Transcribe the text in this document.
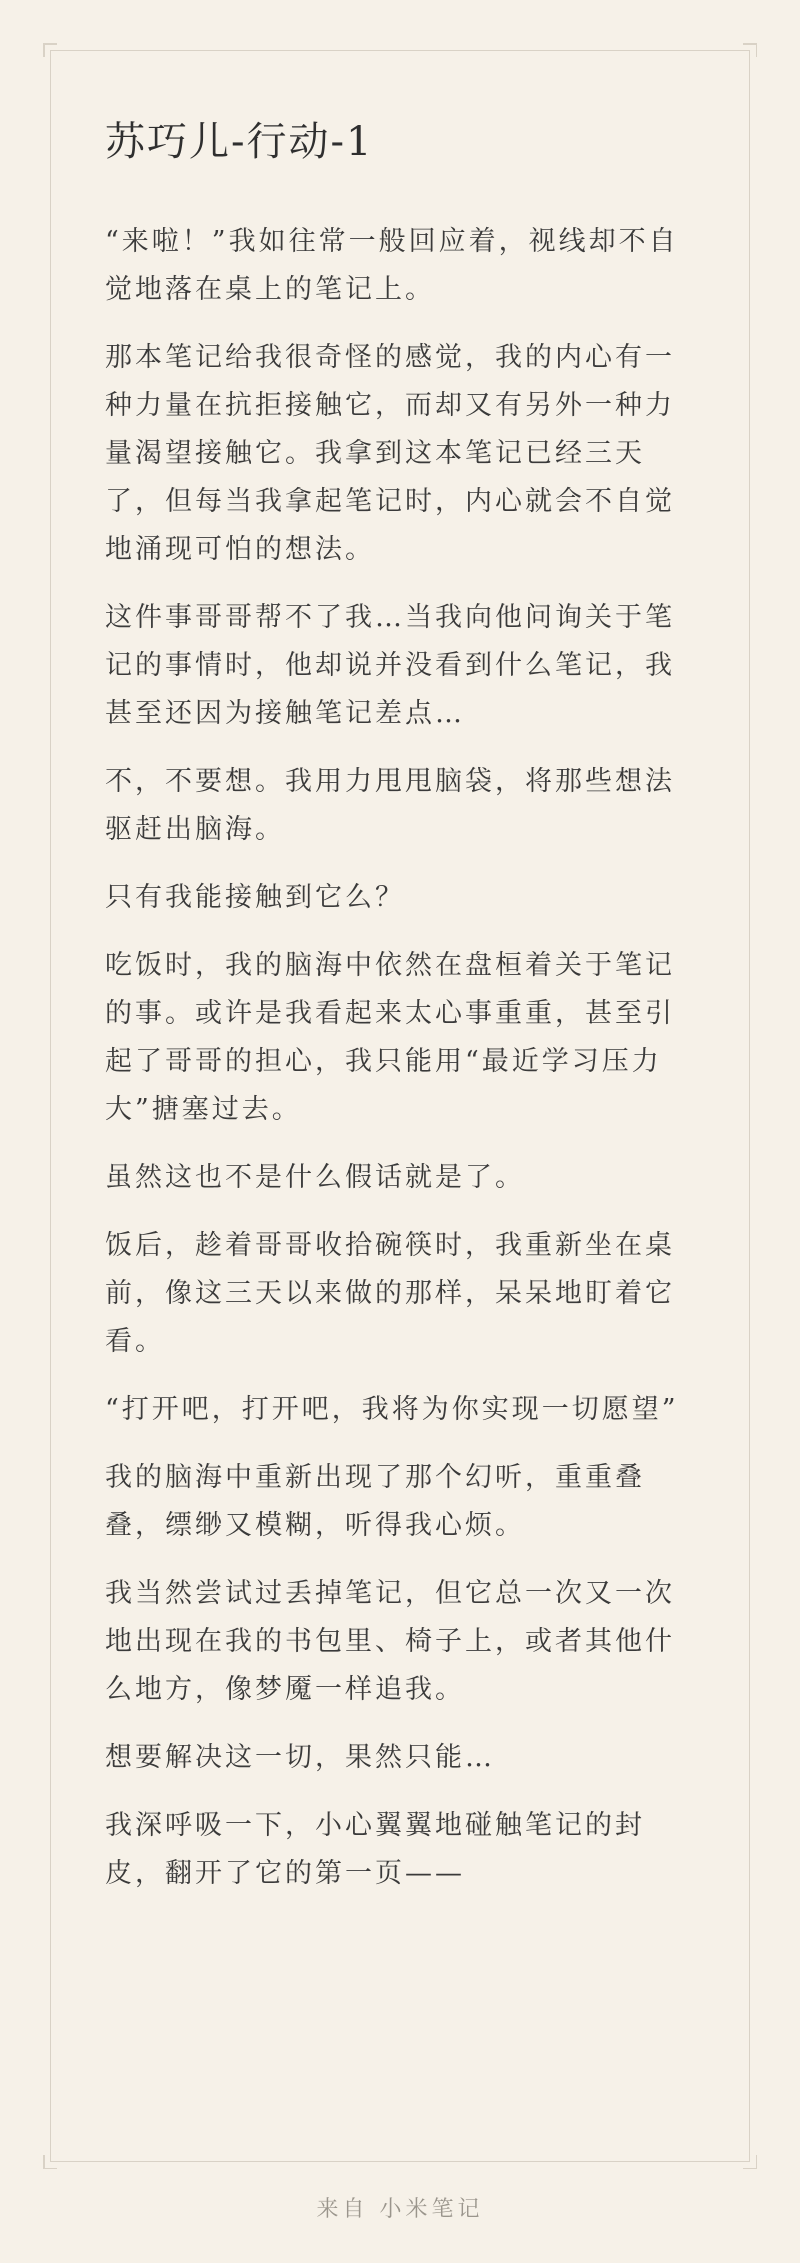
苏巧儿-行动-1

“来啦！”我如往常一般回应着，视线却不自觉地落在桌上的笔记上。

那本笔记给我很奇怪的感觉，我的内心有一种力量在抗拒接触它，而却又有另外一种力量渴望接触它。我拿到这本笔记已经三天了，但每当我拿起笔记时，内心就会不自觉地涌现可怕的想法。

这件事哥哥帮不了我…当我向他问询关于笔记的事情时，他却说并没看到什么笔记，我甚至还因为接触笔记差点…

不，不要想。我用力甩甩脑袋，将那些想法驱赶出脑海。

只有我能接触到它么？

吃饭时，我的脑海中依然在盘桓着关于笔记的事。或许是我看起来太心事重重，甚至引起了哥哥的担心，我只能用“最近学习压力大”搪塞过去。

虽然这也不是什么假话就是了。

饭后，趁着哥哥收拾碗筷时，我重新坐在桌前，像这三天以来做的那样，呆呆地盯着它看。

“打开吧，打开吧，我将为你实现一切愿望”

我的脑海中重新出现了那个幻听，重重叠叠，缥缈又模糊，听得我心烦。

我当然尝试过丢掉笔记，但它总一次又一次地出现在我的书包里、椅子上，或者其他什么地方，像梦魇一样追我。

想要解决这一切，果然只能…

我深呼吸一下，小心翼翼地碰触笔记的封皮，翻开了它的第一页——

来自 小米笔记
